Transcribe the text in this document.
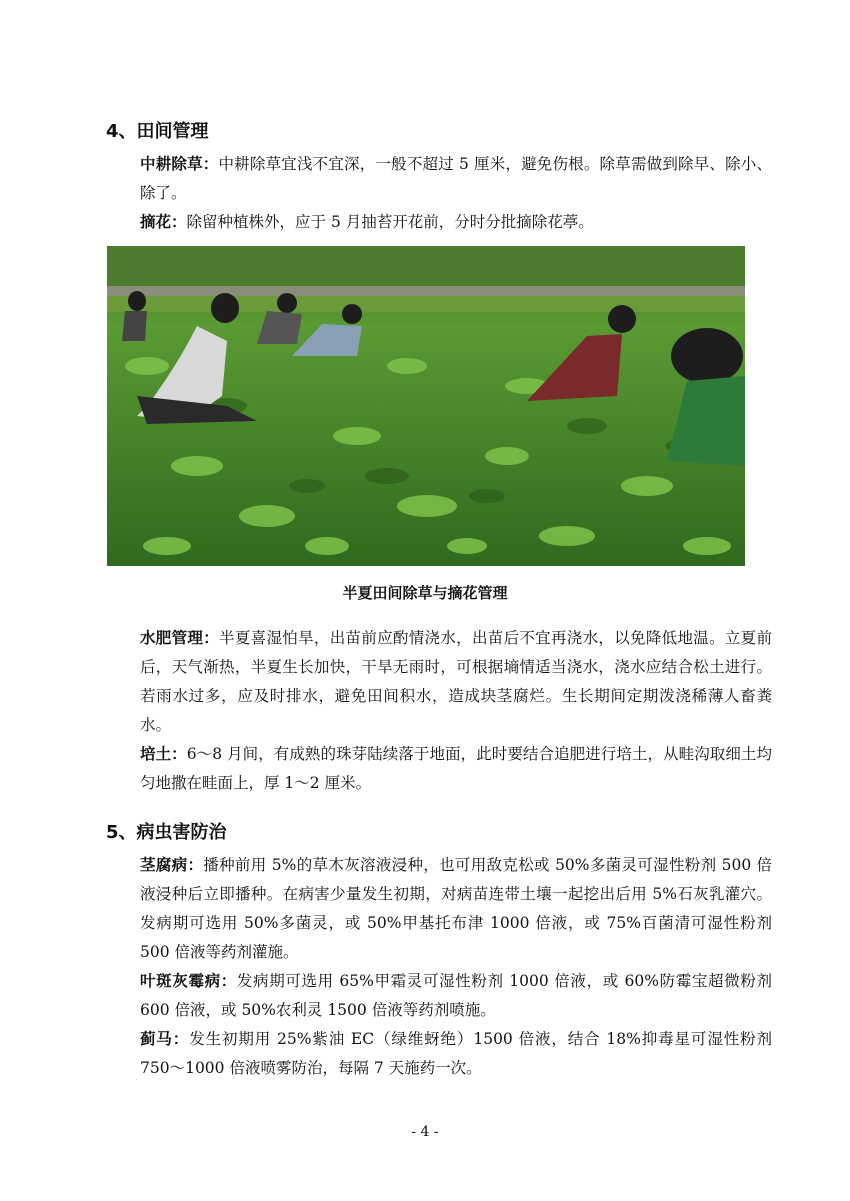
4、田间管理

中耕除草：中耕除草宜浅不宜深，一般不超过 5 厘米，避免伤根。除草需做到除早、除小、除了。

摘花：除留种植株外，应于 5 月抽苔开花前，分时分批摘除花葶。

半夏田间除草与摘花管理

水肥管理：半夏喜湿怕旱，出苗前应酌情浇水，出苗后不宜再浇水，以免降低地温。立夏前后，天气渐热，半夏生长加快，干旱无雨时，可根据墒情适当浇水，浇水应结合松土进行。若雨水过多，应及时排水，避免田间积水，造成块茎腐烂。生长期间定期泼浇稀薄人畜粪水。

培土：6～8 月间，有成熟的珠芽陆续落于地面，此时要结合追肥进行培土，从畦沟取细土均匀地撒在畦面上，厚 1～2 厘米。

5、病虫害防治

茎腐病：播种前用 5%的草木灰溶液浸种，也可用敌克松或 50%多菌灵可湿性粉剂 500 倍液浸种后立即播种。在病害少量发生初期，对病苗连带土壤一起挖出后用 5%石灰乳灌穴。发病期可选用 50%多菌灵，或 50%甲基托布津 1000 倍液，或 75%百菌清可湿性粉剂 500 倍液等药剂灌施。

叶斑灰霉病：发病期可选用 65%甲霜灵可湿性粉剂 1000 倍液，或 60%防霉宝超微粉剂 600 倍液，或 50%农利灵 1500 倍液等药剂喷施。

蓟马：发生初期用 25%紫油 EC（绿维蚜绝）1500 倍液，结合 18%抑毒星可湿性粉剂 750～1000 倍液喷雾防治，每隔 7 天施药一次。

- 4 -
